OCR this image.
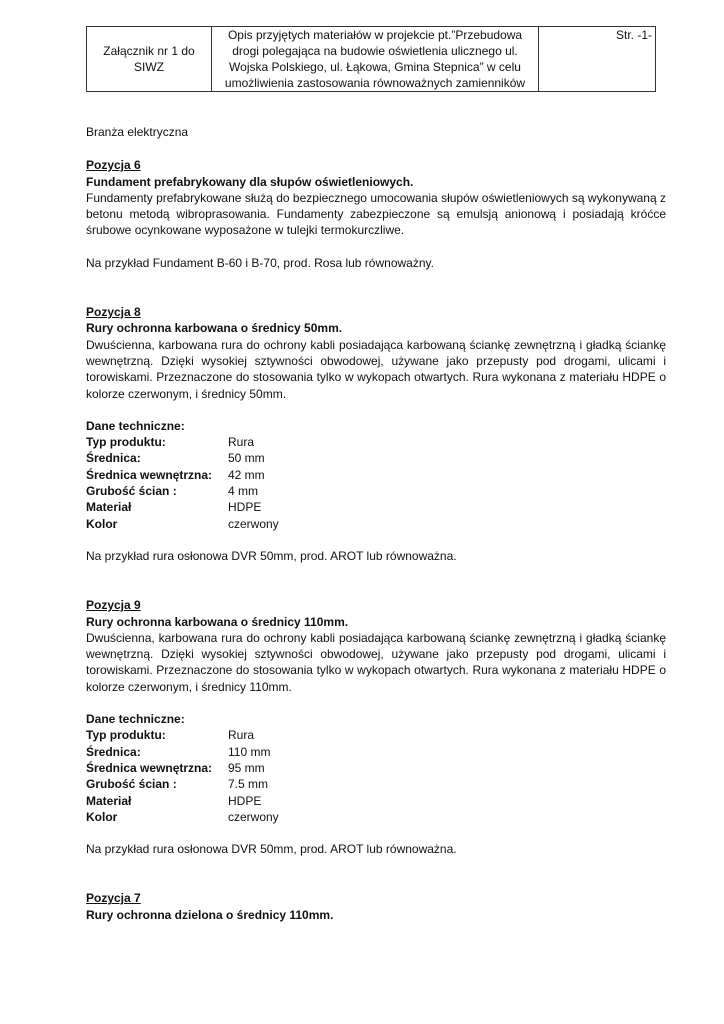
Załącznik nr 1 do
SIWZ

Opis przyjętych materiałów w projekcie pt.”Przebudowa
drogi polegająca na budowie oświetlenia ulicznego ul.
Wojska Polskiego, ul. Łąkowa, Gmina Stepnica” w celu
umożliwienia zastosowania równoważnych zamienników
	Str. -1-

Branża elektryczna

Pozycja 6

Fundament prefabrykowany dla słupów oświetleniowych.

Fundamenty prefabrykowane służą do bezpiecznego umocowania słupów oświetleniowych są wykonywaną z betonu metodą wibroprasowania. Fundamenty zabezpieczone są emulsją anionową i posiadają króćce śrubowe ocynkowane wyposażone w tulejki termokurczliwe.

Na przykład Fundament B-60 i B-70, prod. Rosa lub równoważny.

Pozycja 8

Rury ochronna karbowana o średnicy 50mm.

Dwuścienna, karbowana rura do ochrony kabli posiadająca karbowaną ściankę zewnętrzną i gładką ściankę wewnętrzną. Dzięki wysokiej sztywności obwodowej, używane jako przepusty pod drogami, ulicami i torowiskami. Przeznaczone do stosowania tylko w wykopach otwartych. Rura wykonana z materiału HDPE o kolorze czerwonym, i średnicy 50mm.

Dane techniczne:

Typ produktu:	Rura
Średnica:	50 mm
Średnica wewnętrzna:	42 mm
Grubość ścian :	4 mm
Materiał	HDPE
Kolor	czerwony

Na przykład rura osłonowa DVR 50mm, prod. AROT lub równoważna.

Pozycja 9

Rury ochronna karbowana o średnicy 110mm.

Dwuścienna, karbowana rura do ochrony kabli posiadająca karbowaną ściankę zewnętrzną i gładką ściankę wewnętrzną. Dzięki wysokiej sztywności obwodowej, używane jako przepusty pod drogami, ulicami i torowiskami. Przeznaczone do stosowania tylko w wykopach otwartych. Rura wykonana z materiału HDPE o kolorze czerwonym, i średnicy 110mm.

Dane techniczne:

Typ produktu:	Rura
Średnica:	110 mm
Średnica wewnętrzna:	95 mm
Grubość ścian :	7.5 mm
Materiał	HDPE
Kolor	czerwony

Na przykład rura osłonowa DVR 50mm, prod. AROT lub równoważna.

Pozycja 7

Rury ochronna dzielona o średnicy 110mm.
